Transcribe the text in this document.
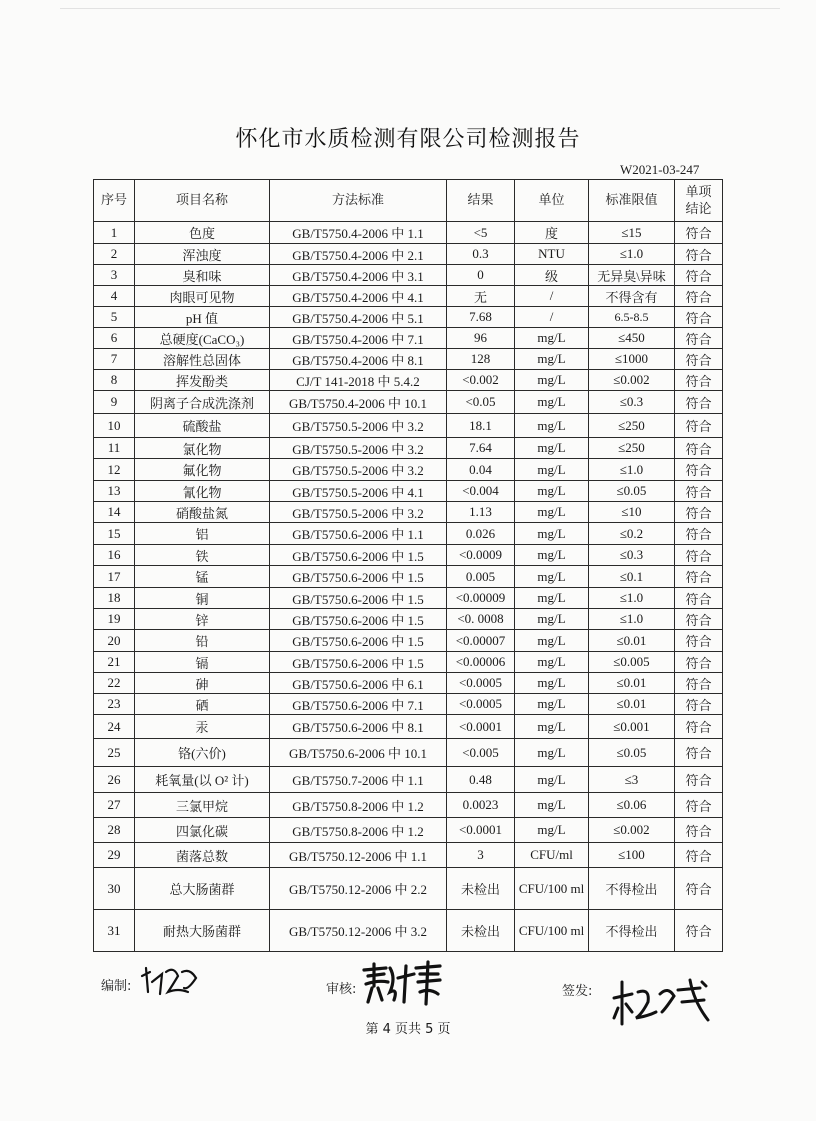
怀化市水质检测有限公司检测报告
W2021-03-247
序号	项目名称	方法标准	结果	单位	标准限值	单项结论
1	色度	GB/T5750.4-2006 中 1.1	<5	度	≤15	符合
2	浑浊度	GB/T5750.4-2006 中 2.1	0.3	NTU	≤1.0	符合
3	臭和味	GB/T5750.4-2006 中 3.1	0	级	无异臭\异味	符合
4	肉眼可见物	GB/T5750.4-2006 中 4.1	无	/	不得含有	符合
5	pH 值	GB/T5750.4-2006 中 5.1	7.68	/	6.5-8.5	符合
6	总硬度(CaCO₃)	GB/T5750.4-2006 中 7.1	96	mg/L	≤450	符合
7	溶解性总固体	GB/T5750.4-2006 中 8.1	128	mg/L	≤1000	符合
8	挥发酚类	CJ/T 141-2018 中 5.4.2	<0.002	mg/L	≤0.002	符合
9	阴离子合成洗涤剂	GB/T5750.4-2006 中 10.1	<0.05	mg/L	≤0.3	符合
10	硫酸盐	GB/T5750.5-2006 中 3.2	18.1	mg/L	≤250	符合
11	氯化物	GB/T5750.5-2006 中 3.2	7.64	mg/L	≤250	符合
12	氟化物	GB/T5750.5-2006 中 3.2	0.04	mg/L	≤1.0	符合
13	氰化物	GB/T5750.5-2006 中 4.1	<0.004	mg/L	≤0.05	符合
14	硝酸盐氮	GB/T5750.5-2006 中 3.2	1.13	mg/L	≤10	符合
15	铝	GB/T5750.6-2006 中 1.1	0.026	mg/L	≤0.2	符合
16	铁	GB/T5750.6-2006 中 1.5	<0.0009	mg/L	≤0.3	符合
17	锰	GB/T5750.6-2006 中 1.5	0.005	mg/L	≤0.1	符合
18	铜	GB/T5750.6-2006 中 1.5	<0.00009	mg/L	≤1.0	符合
19	锌	GB/T5750.6-2006 中 1.5	<0. 0008	mg/L	≤1.0	符合
20	铅	GB/T5750.6-2006 中 1.5	<0.00007	mg/L	≤0.01	符合
21	镉	GB/T5750.6-2006 中 1.5	<0.00006	mg/L	≤0.005	符合
22	砷	GB/T5750.6-2006 中 6.1	<0.0005	mg/L	≤0.01	符合
23	硒	GB/T5750.6-2006 中 7.1	<0.0005	mg/L	≤0.01	符合
24	汞	GB/T5750.6-2006 中 8.1	<0.0001	mg/L	≤0.001	符合
25	铬(六价)	GB/T5750.6-2006 中 10.1	<0.005	mg/L	≤0.05	符合
26	耗氧量(以 O² 计)	GB/T5750.7-2006 中 1.1	0.48	mg/L	≤3	符合
27	三氯甲烷	GB/T5750.8-2006 中 1.2	0.0023	mg/L	≤0.06	符合
28	四氯化碳	GB/T5750.8-2006 中 1.2	<0.0001	mg/L	≤0.002	符合
29	菌落总数	GB/T5750.12-2006 中 1.1	3	CFU/ml	≤100	符合
30	总大肠菌群	GB/T5750.12-2006 中 2.2	未检出	CFU/100 ml	不得检出	符合
31	耐热大肠菌群	GB/T5750.12-2006 中 3.2	未检出	CFU/100 ml	不得检出	符合
编制:	审核:	签发:
第 4 页共 5 页
